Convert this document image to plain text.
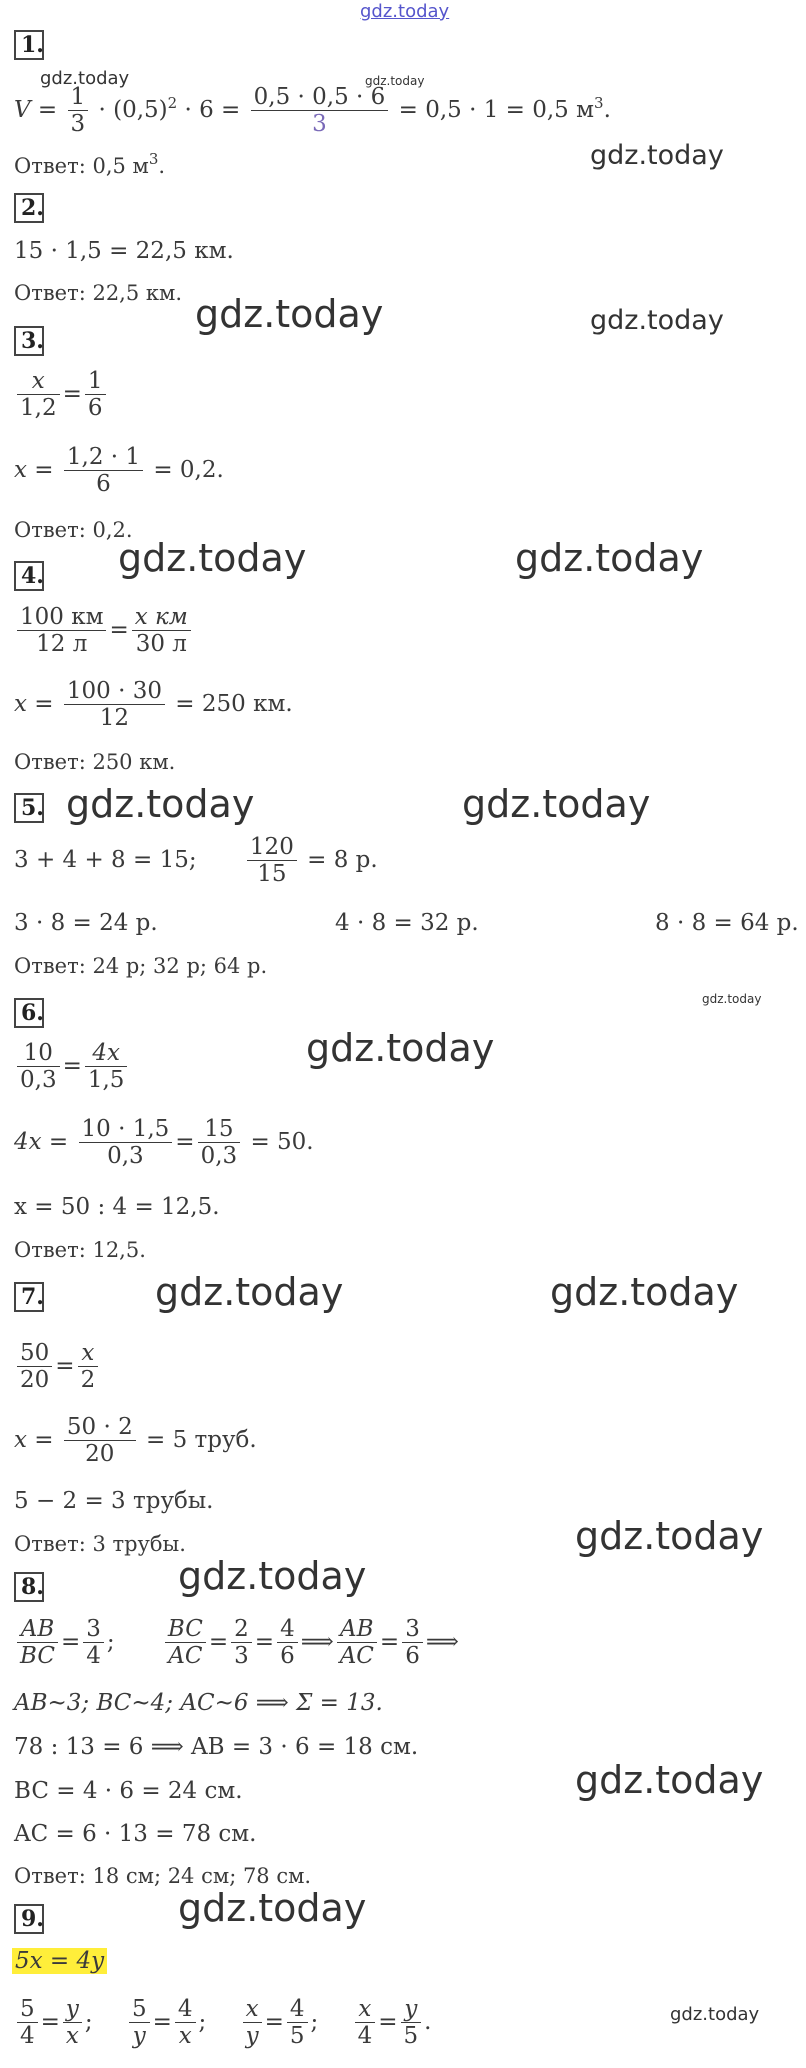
gdz.today
gdz.today	gdz.today
gdz.today
gdz.today	gdz.today
gdz.today	gdz.today
gdz.today	gdz.today
gdz.today
gdz.today
gdz.today	gdz.today
gdz.today
gdz.today
gdz.today
gdz.today
gdz.today
1.
$V = \frac{1}{3} \cdot (0,5)^2 \cdot 6 = \frac{0,5 \cdot 0,5 \cdot 6}{3} = 0,5 \cdot 1 = 0,5$ $м^3$.
Ответ: 0,5 $м^3$.
2.
15 · 1,5 = 22,5 км.
Ответ: 22,5 км.
3.
$\frac{x}{1,2} = \frac{1}{6}$
$x = \frac{1,2 \cdot 1}{6} = 0,2$.
Ответ: 0,2.
4.
$\frac{100 км}{12 л} = \frac{\text{x км}}{30 л}$
$x = \frac{100 \cdot 30}{12} = 250$ км.
Ответ: 250 км.
5.
3 + 4 + 8 = 15; $\frac{120}{15} = 8$ р.
3 · 8 = 24 р.	4 · 8 = 32 р.	8 · 8 = 64 р.
Ответ: 24 р; 32 р; 64 р.
6.
$\frac{10}{0,3} = \frac{4x}{1,5}$
$4x = \frac{10 \cdot 1,5}{0,3} = \frac{15}{0,3} = 50$.
x = 50 : 4 = 12,5.
Ответ: 12,5.
7.
$\frac{50}{20} = \frac{x}{2}$
$x = \frac{50 \cdot 2}{20} = 5$ труб.
5 − 2 = 3 трубы.
Ответ: 3 трубы.
8.
$\frac{AB}{BC} = \frac{3}{4}$ ; $\frac{BC}{AC} = \frac{2}{3} = \frac{4}{6}$ ⟹ $\frac{AB}{AC} = \frac{3}{6}$ ⟹
AB~3; BC~4; AC~6 ⟹ Σ = 13.
78 : 13 = 6 ⟹ AB = 3 · 6 = 18 см.
BC = 4 · 6 = 24 см.
AC = 6 · 13 = 78 см.
Ответ: 18 см; 24 см; 78 см.
9.
5x = 4y
$\frac{5}{4} = \frac{y}{x}$ ; $\frac{5}{y} = \frac{4}{x}$ ; $\frac{x}{y} = \frac{4}{5}$ ; $\frac{x}{4} = \frac{y}{5}$ .
